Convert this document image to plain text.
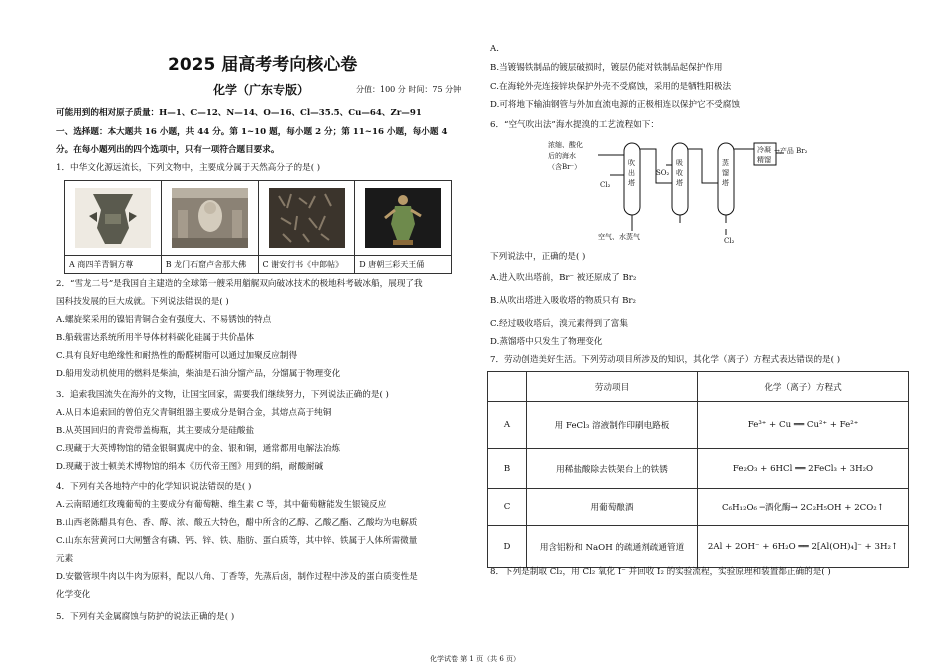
2025 届高考考向核心卷
化学（广东专版）	分值：100 分 时间：75 分钟
可能用到的相对原子质量：H—1、C—12、N—14、O—16、Cl—35.5、Cu—64、Zr—91
一、选择题：本大题共 16 小题，共 44 分。第 1~10 题，每小题 2 分；第 11~16 小题，每小题 4
分。在每小题列出的四个选项中，只有一项符合题目要求。
1．中华文化源远流长，下列文物中，主要成分属于天然高分子的是( )
A 商四羊青铜方尊	B 龙门石窟卢舍那大佛	C 谢安行书《中郎帖》	D 唐朝三彩天王俑
2．“雪龙二号”是我国自主建造的全球第一艘采用艏艉双向破冰技术的极地科考破冰船，展现了我
国科技发展的巨大成就。下列说法错误的是( )
A.螺旋桨采用的镍铝青铜合金有强度大、不易锈蚀的特点
B.船载雷达系统所用半导体材料碳化硅属于共价晶体
C.具有良好电绝缘性和耐热性的酚醛树脂可以通过加聚反应制得
D.船用发动机使用的燃料是柴油，柴油是石油分馏产品，分馏属于物理变化
3．追索我国流失在海外的文物，让国宝回家，需要我们继续努力，下列说法正确的是( )
A.从日本追索回的曾伯克父青铜组器主要成分是铜合金，其熔点高于纯铜
B.从英国回归的青瓷带盖梅瓶，其主要成分是硅酸盐
C.现藏于大英博物馆的错金银铜翼虎中的金、银和铜，通常都用电解法冶炼
D.现藏于波士顿美术博物馆的绢本《历代帝王图》用到的绢，耐酸耐碱
4．下列有关各地特产中的化学知识说法错误的是( )
A.云南昭通红玫瑰葡萄的主要成分有葡萄糖、维生素 C 等，其中葡萄糖能发生银镜反应
B.山西老陈醋具有色、香、醇、浓、酸五大特色，醋中所含的乙醇、乙酸乙酯、乙酸均为电解质
C.山东东营黄河口大闸蟹含有磷、钙、锌、铁、脂肪、蛋白质等，其中锌、铁属于人体所需微量
元素
D.安徽管坝牛肉以牛肉为原料，配以八角、丁香等，先蒸后卤，制作过程中涉及的蛋白质变性是
化学变化
5．下列有关金属腐蚀与防护的说法正确的是( )
A.
B.当镀锡铁制品的镀层破损时，镀层仍能对铁制品起保护作用
C.在海轮外壳连接锌块保护外壳不受腐蚀，采用的是牺牲阳极法
D.可将地下输油钢管与外加直流电源的正极相连以保护它不受腐蚀
6．“空气吹出法”海水提溴的工艺流程如下：
浓缩、酸化
后的海水
（含Br⁻）
Cl₂
SO₂
→产品 Br₂
空气、水蒸气	Cl₂
吹
出
塔
吸
收
塔
蒸
馏
塔
冷凝
精馏
下列说法中，正确的是( )
A.进入吹出塔前，Br⁻ 被还原成了 Br₂
B.从吹出塔进入吸收塔的物质只有 Br₂
C.经过吸收塔后，溴元素得到了富集
D.蒸馏塔中只发生了物理变化
7．劳动创造美好生活。下列劳动项目所涉及的知识，其化学（离子）方程式表达错误的是( )
	劳动项目	化学（离子）方程式
A	用 FeCl₃ 溶液制作印刷电路板	Fe³⁺ + Cu ══ Cu²⁺ + Fe²⁺
B	用稀盐酸除去铁架台上的铁锈	Fe₂O₃ + 6HCl ══ 2FeCl₃ + 3H₂O
C	用葡萄酿酒	C₆H₁₂O₆ ─酒化酶→ 2C₂H₅OH + 2CO₂↑
D	用含铝粉和 NaOH 的疏通剂疏通管道	2Al + 2OH⁻ + 6H₂O ══ 2[Al(OH)₄]⁻ + 3H₂↑
8．下列是制取 Cl₂，用 Cl₂ 氧化 I⁻ 并回收 I₂ 的实验流程，实验原理和装置都正确的是( )
化学试卷 第 1 页（共 6 页）
